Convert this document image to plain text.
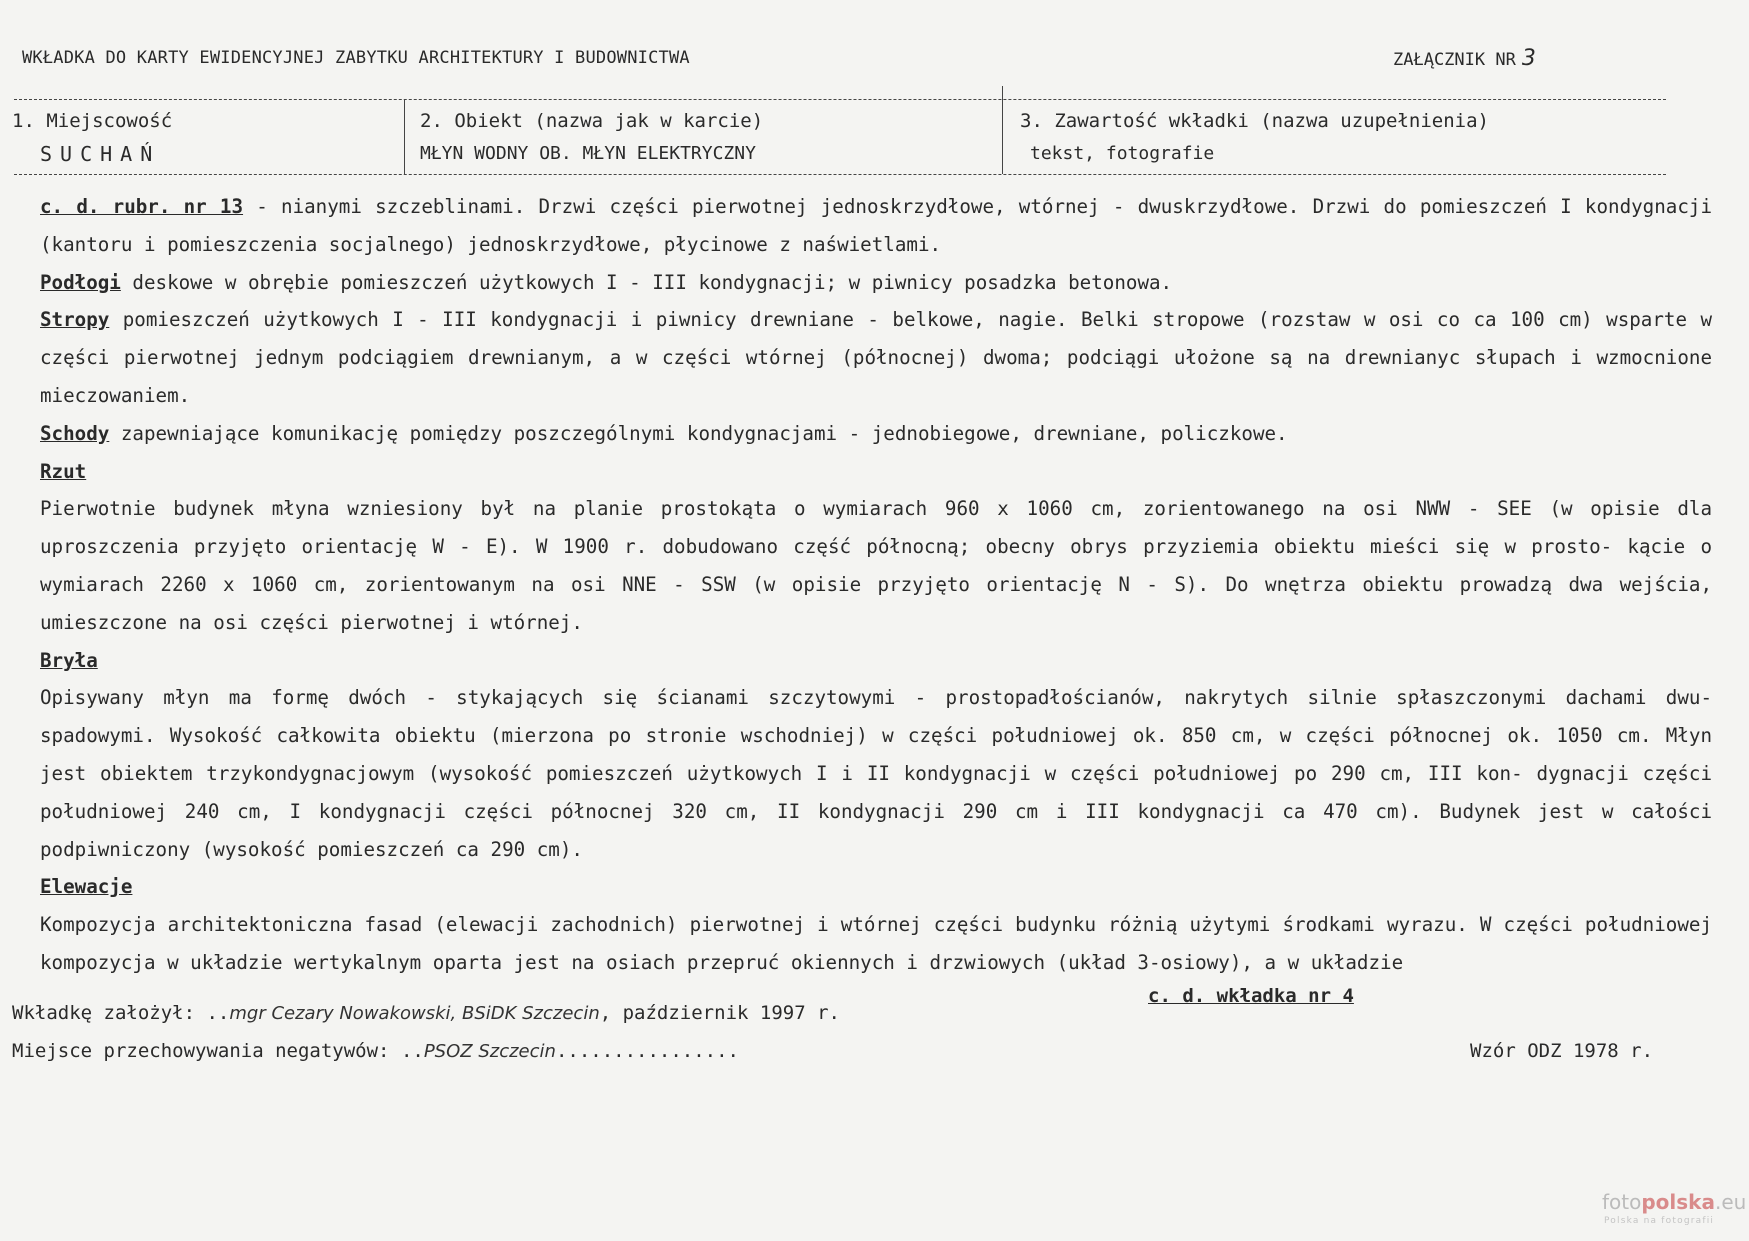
WKŁADKA DO KARTY EWIDENCYJNEJ ZABYTKU ARCHITEKTURY I BUDOWNICTWA	ZAŁĄCZNIK NR 3
1. Miejscowość
SUCHAŃ
2. Obiekt (nazwa jak w karcie)
MŁYN WODNY OB. MŁYN ELEKTRYCZNY
3. Zawartość wkładki (nazwa uzupełnienia)
tekst, fotografie

c. d. rubr. nr 13 - nianymi szczeblinami. Drzwi części pierwotnej jednoskrzydłowe, wtórnej - dwuskrzydłowe. Drzwi do pomieszczeń I kondygnacji (kantoru i pomieszczenia socjalnego) jednoskrzydłowe, płycinowe z naświetlami.

Podłogi deskowe w obrębie pomieszczeń użytkowych I - III kondygnacji; w piwnicy posadzka betonowa.

Stropy pomieszczeń użytkowych I - III kondygnacji i piwnicy drewniane - belkowe, nagie. Belki stropowe (rozstaw w osi co ca 100 cm) wsparte w części pierwotnej jednym podciągiem drewnianym, a w części wtórnej (północnej) dwoma; podciągi ułożone są na drewnianyc słupach i wzmocnione mieczowaniem.

Schody zapewniające komunikację pomiędzy poszczególnymi kondygnacjami - jednobiegowe, drewniane, policzkowe.

Rzut

Pierwotnie budynek młyna wzniesiony był na planie prostokąta o wymiarach 960 x 1060 cm, zorientowanego na osi NWW - SEE (w opisie dla uproszczenia przyjęto orientację W - E). W 1900 r. dobudowano część północną; obecny obrys przyziemia obiektu mieści się w prosto- kącie o wymiarach 2260 x 1060 cm, zorientowanym na osi NNE - SSW (w opisie przyjęto orientację N - S). Do wnętrza obiektu prowadzą dwa wejścia, umieszczone na osi części pierwotnej i wtórnej.

Bryła

Opisywany młyn ma formę dwóch - stykających się ścianami szczytowymi - prostopadłościanów, nakrytych silnie spłaszczonymi dachami dwu- spadowymi. Wysokość całkowita obiektu (mierzona po stronie wschodniej) w części południowej ok. 850 cm, w części północnej ok. 1050 cm. Młyn jest obiektem trzykondygnacjowym (wysokość pomieszczeń użytkowych I i II kondygnacji w części południowej po 290 cm, III kon- dygnacji części południowej 240 cm, I kondygnacji części północnej 320 cm, II kondygnacji 290 cm i III kondygnacji ca 470 cm). Budynek jest w całości podpiwniczony (wysokość pomieszczeń ca 290 cm).

Elewacje

Kompozycja architektoniczna fasad (elewacji zachodnich) pierwotnej i wtórnej części budynku różnią użytymi środkami wyrazu. W części południowej kompozycja w układzie wertykalnym oparta jest na osiach przepruć okiennych i drzwiowych (układ 3-osiowy), a w układzie

c. d. wkładka nr 4
Wkładkę założył: ..mgr Cezary Nowakowski, BSiDK Szczecin, październik 1997 r.
Miejsce przechowywania negatywów: ..PSOZ Szczecin................	Wzór ODZ 1978 r.
fotopolska.eu
Polska na fotografii
